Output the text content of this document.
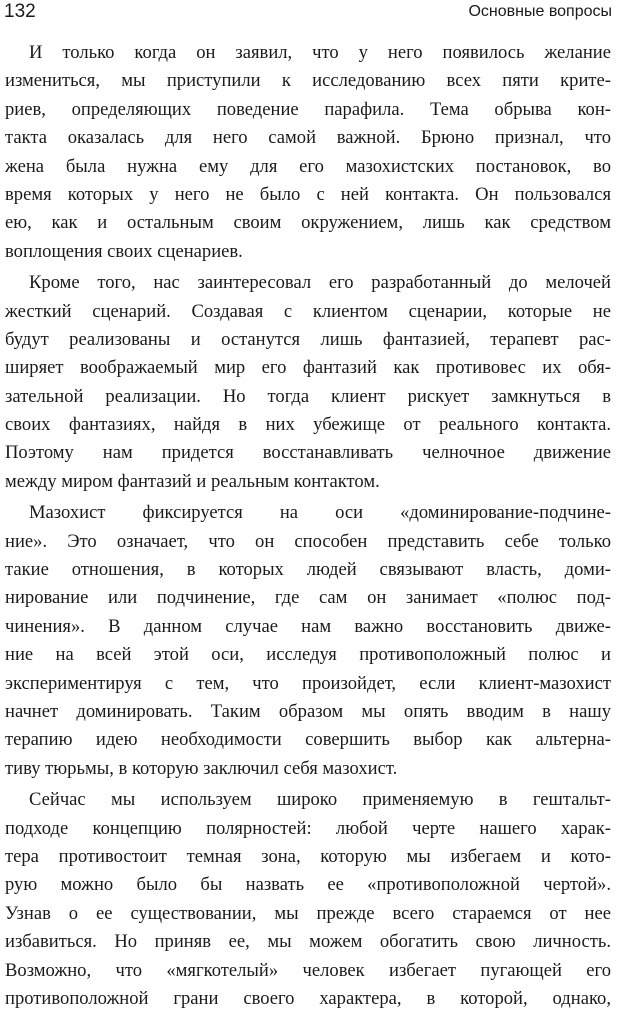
132	Основные вопросы

И только когда он заявил, что у него появилось желание
измениться, мы приступили к исследованию всех пяти крите-
риев, определяющих поведение парафила. Тема обрыва кон-
такта оказалась для него самой важной. Брюно признал, что
жена была нужна ему для его мазохистских постановок, во
время которых у него не было с ней контакта. Он пользовался
ею, как и остальным своим окружением, лишь как средством
воплощения своих сценариев.

Кроме того, нас заинтересовал его разработанный до мелочей
жесткий сценарий. Создавая с клиентом сценарии, которые не
будут реализованы и останутся лишь фантазией, терапевт рас-
ширяет воображаемый мир его фантазий как противовес их обя-
зательной реализации. Но тогда клиент рискует замкнуться в
своих фантазиях, найдя в них убежище от реального контакта.
Поэтому нам придется восстанавливать челночное движение
между миром фантазий и реальным контактом.

Мазохист фиксируется на оси «доминирование-подчине-
ние». Это означает, что он способен представить себе только
такие отношения, в которых людей связывают власть, доми-
нирование или подчинение, где сам он занимает «полюс под-
чинения». В данном случае нам важно восстановить движе-
ние на всей этой оси, исследуя противоположный полюс и
экспериментируя с тем, что произойдет, если клиент-мазохист
начнет доминировать. Таким образом мы опять вводим в нашу
терапию идею необходимости совершить выбор как альтерна-
тиву тюрьмы, в которую заключил себя мазохист.

Сейчас мы используем широко применяемую в гештальт-
подходе концепцию полярностей: любой черте нашего харак-
тера противостоит темная зона, которую мы избегаем и кото-
рую можно было бы назвать ее «противоположной чертой».
Узнав о ее существовании, мы прежде всего стараемся от нее
избавиться. Но приняв ее, мы можем обогатить свою личность.
Возможно, что «мягкотелый» человек избегает пугающей его
противоположной грани своего характера, в которой, однако,
